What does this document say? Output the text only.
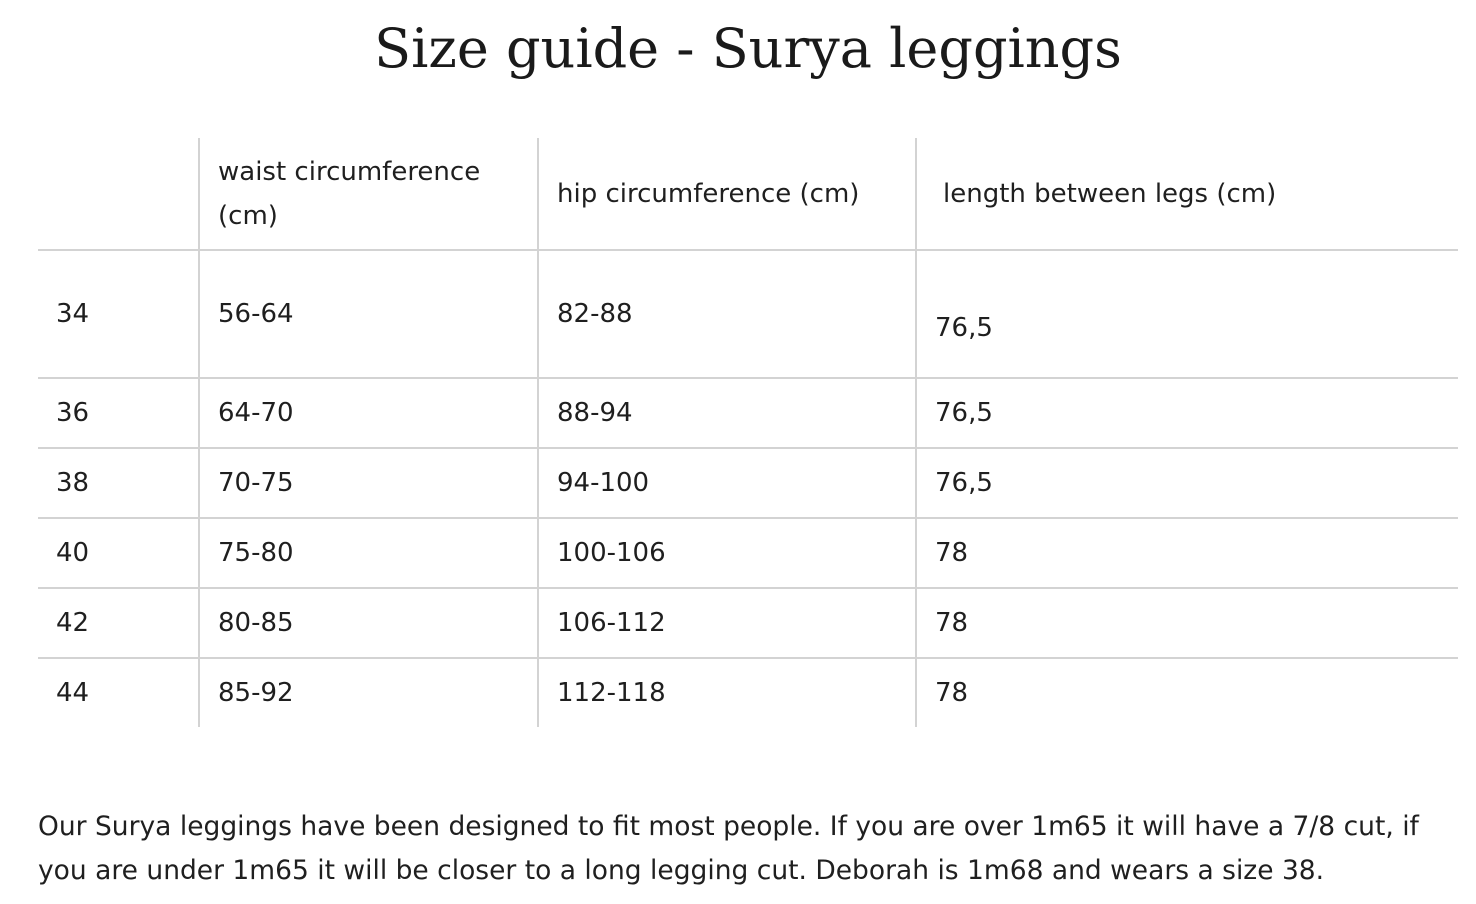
Size guide - Surya leggings
	waist circumference (cm)	hip circumference (cm)	length between legs (cm)
34	56-64	82-88	76,5
36	64-70	88-94	76,5
38	70-75	94-100	76,5
40	75-80	100-106	78
42	80-85	106-112	78
44	85-92	112-118	78

Our Surya leggings have been designed to fit most people. If you are over 1m65 it will have a 7/8 cut, if you are under 1m65 it will be closer to a long legging cut. Deborah is 1m68 and wears a size 38.
